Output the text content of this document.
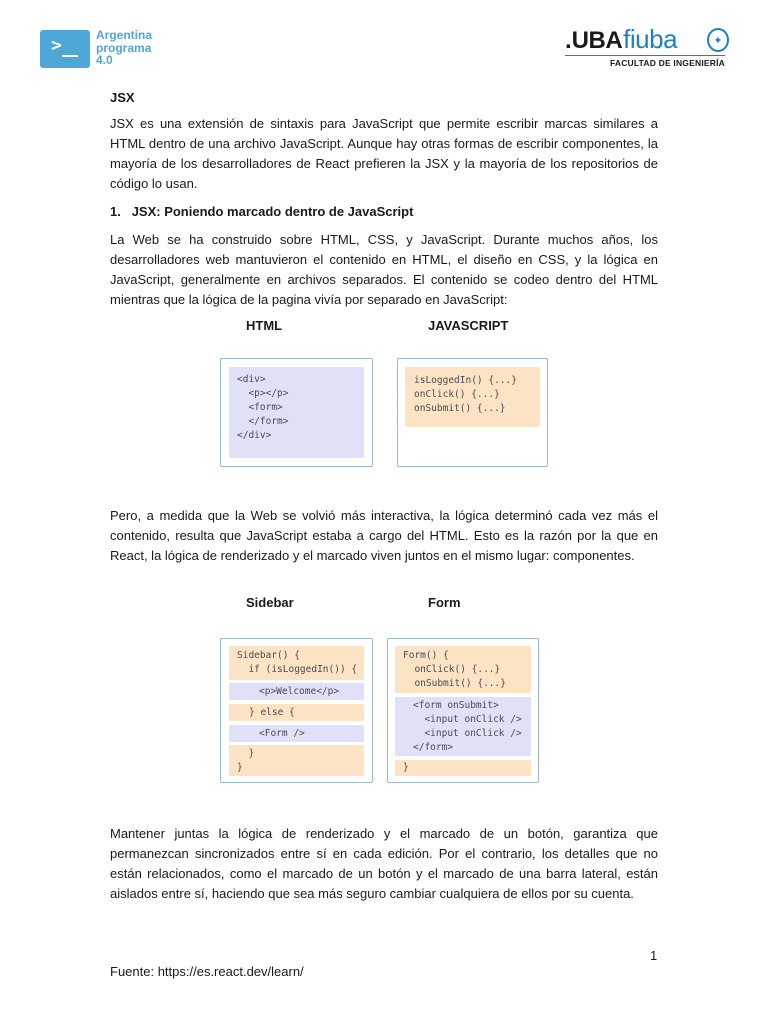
>	Argentina
programa
4.0
. UBA fiuba	✦
FACULTAD DE INGENIERÍA

JSX

JSX es una extensión de sintaxis para JavaScript que permite escribir marcas similares a HTML dentro de una archivo JavaScript. Aunque hay otras formas de escribir componentes, la mayoría de los desarrolladores de React prefieren la JSX y la mayoría de los repositorios de código lo usan.

1. JSX: Poniendo marcado dentro de JavaScript

La Web se ha construido sobre HTML, CSS, y JavaScript. Durante muchos años, los desarrolladores web mantuvieron el contenido en HTML, el diseño en CSS, y la lógica en JavaScript, generalmente en archivos separados. El contenido se codeo dentro del HTML mientras que la lógica de la pagina vivía por separado en JavaScript:

HTML	JAVASCRIPT
<div>
<p></p>
<form>
</form>
</div>
isLoggedIn() {...}
onClick() {...}
onSubmit() {...}

Pero, a medida que la Web se volvió más interactiva, la lógica determinó cada vez más el contenido, resulta que JavaScript estaba a cargo del HTML. Esto es la razón por la que en React, la lógica de renderizado y el marcado viven juntos en el mismo lugar: componentes.

Sidebar	Form
Sidebar() {
if (isLoggedIn()) {
<p>Welcome</p>
} else {
<Form />
}
}
Form() {
onClick() {...}
onSubmit() {...}
<form onSubmit>
<input onClick />
<input onClick />
</form>
}

Mantener juntas la lógica de renderizado y el marcado de un botón, garantiza que permanezcan sincronizados entre sí en cada edición. Por el contrario, los detalles que no están relacionados, como el marcado de un botón y el marcado de una barra lateral, están aislados entre sí, haciendo que sea más seguro cambiar cualquiera de ellos por su cuenta.

1
Fuente: https://es.react.dev/learn/
